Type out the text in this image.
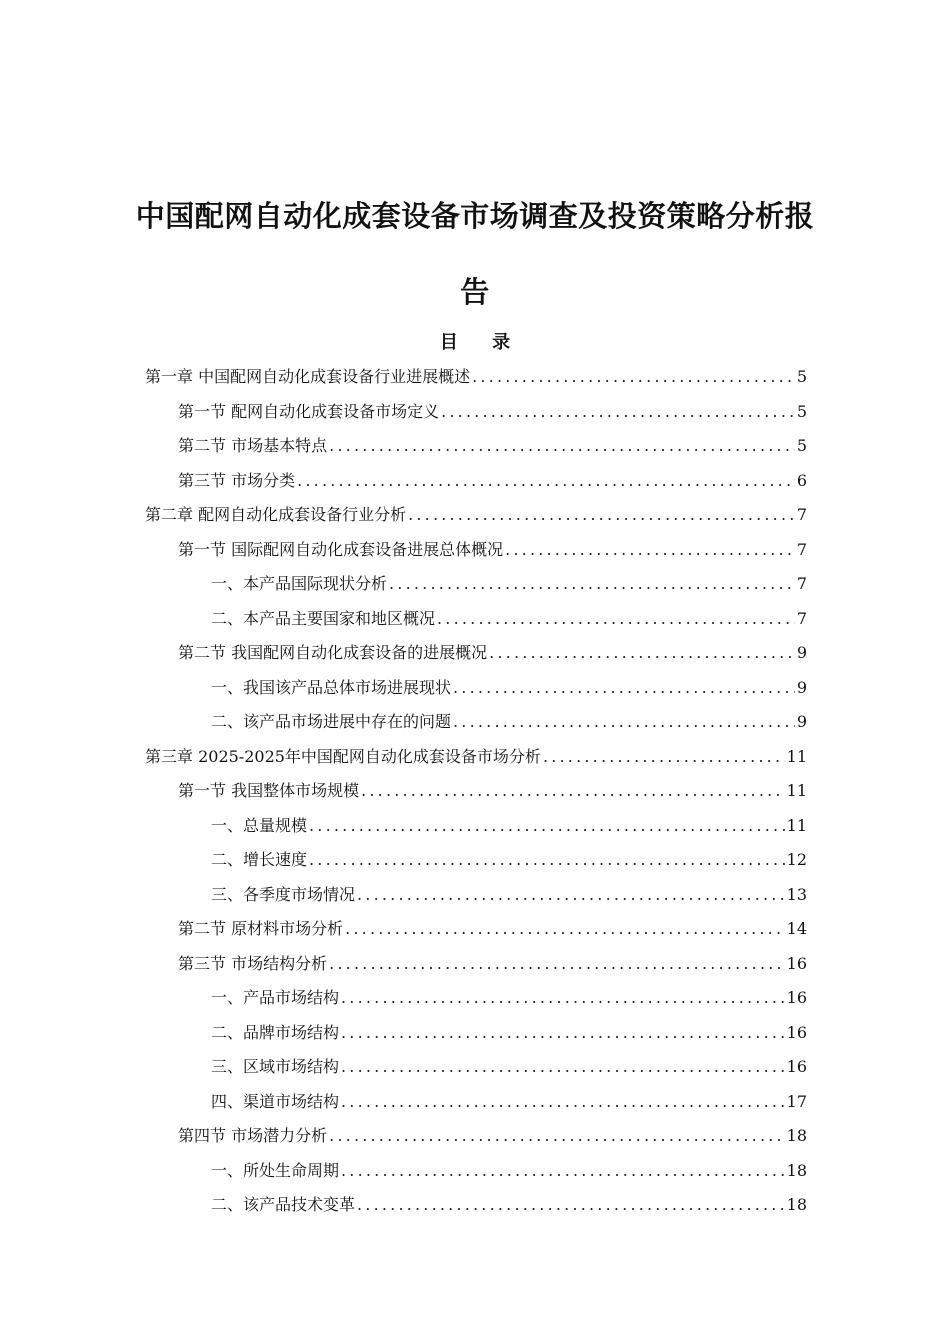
中国配网自动化成套设备市场调查及投资策略分析报
告
目 录
第一章 中国配网自动化成套设备行业进展概述 .....	5
第一节 配网自动化成套设备市场定义 .....	5
第二节 市场基本特点 .....	5
第三节 市场分类 .....	6
第二章 配网自动化成套设备行业分析 .....	7
第一节 国际配网自动化成套设备进展总体概况 .....	7
一、本产品国际现状分析 .....	7
二、本产品主要国家和地区概况 .....	7
第二节 我国配网自动化成套设备的进展概况 .....	9
一、我国该产品总体市场进展现状 .....	9
二、该产品市场进展中存在的问题 .....	9
第三章 2025-2025年中国配网自动化成套设备市场分析 .....	11
第一节 我国整体市场规模 .....	11
一、总量规模 .....	11
二、增长速度 .....	12
三、各季度市场情况 .....	13
第二节 原材料市场分析 .....	14
第三节 市场结构分析 .....	16
一、产品市场结构 .....	16
二、品牌市场结构 .....	16
三、区域市场结构 .....	16
四、渠道市场结构 .....	17
第四节 市场潜力分析 .....	18
一、所处生命周期 .....	18
二、该产品技术变革 .....	18
